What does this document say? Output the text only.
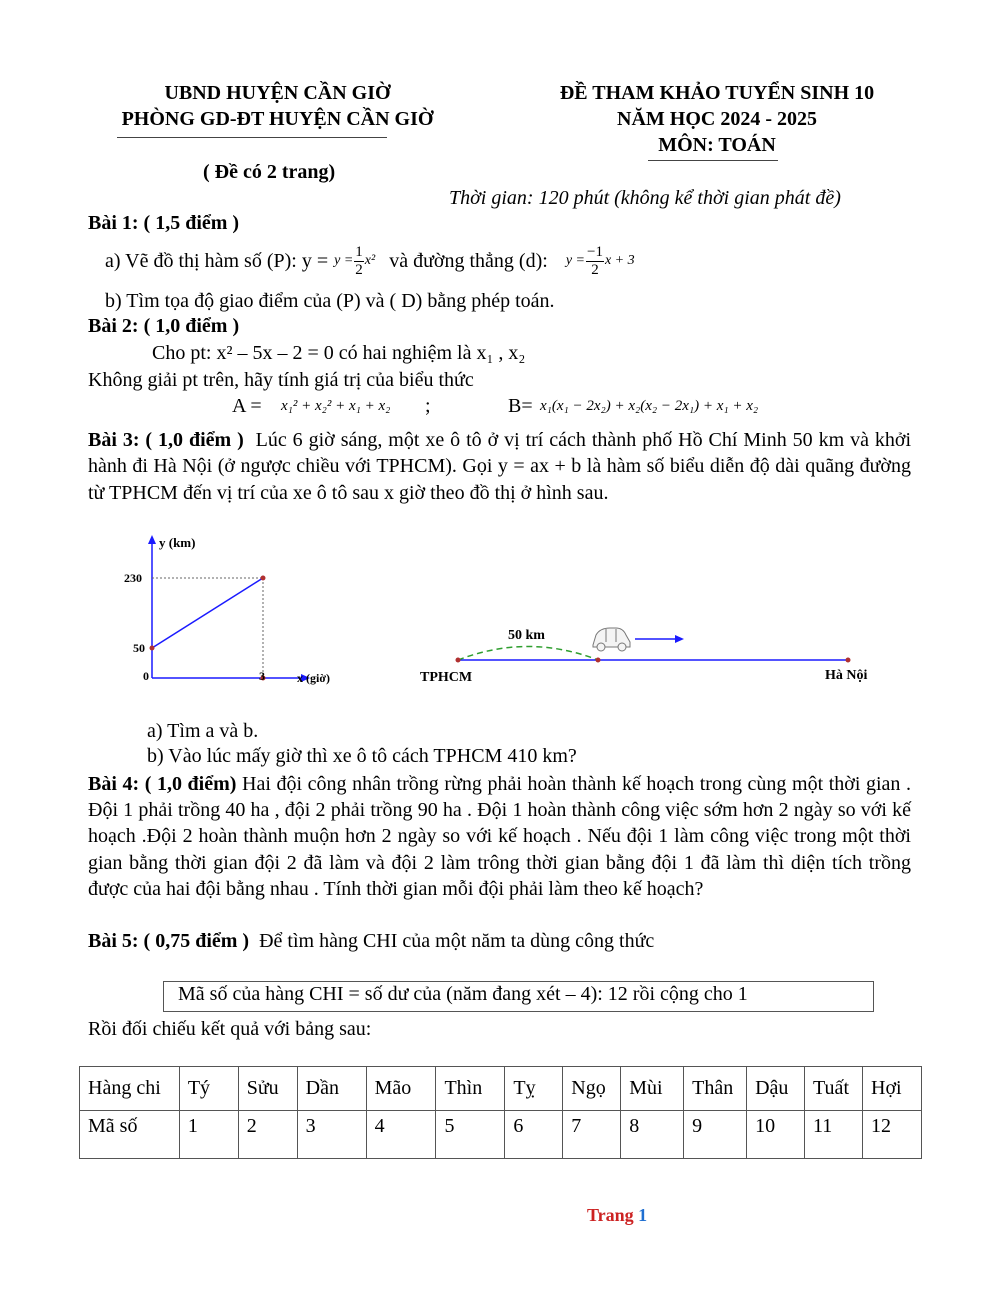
UBND HUYỆN CẦN GIỜ
PHÒNG GD-ĐT HUYỆN CẦN GIỜ
( Đề có 2 trang)
ĐỀ THAM KHẢO TUYỂN SINH 10
NĂM HỌC 2024 - 2025
MÔN: TOÁN
Thời gian: 120 phút (không kể thời gian phát đề)
Bài 1: ( 1,5 điểm )
a) Vẽ đồ thị hàm số (P): $y = y = \frac{1}{2} x^2$ và đường thẳng (d): $y = \frac{-1}{2}$ x + 3
b) Tìm tọa độ giao điểm của (P) và ( D) bằng phép toán.
Bài 2: ( 1,0 điểm )
Cho pt: x² – 5x – 2 = 0 có hai nghiệm là x₁ , x₂
Không giải pt trên, hãy tính giá trị của biểu thức
A = x₁² + x₂² + x₁ + x₂ ;	B= x₁(x₁ − 2x₂) + x₂(x₂ − 2x₁) + x₁ + x₂
Bài 3: ( 1,0 điểm ) Lúc 6 giờ sáng, một xe ô tô ở vị trí cách thành phố Hồ Chí Minh 50 km và khởi hành đi Hà Nội (ở ngược chiều với TPHCM). Gọi y = ax + b là hàm số biểu diễn độ dài quãng đường từ TPHCM đến vị trí của xe ô tô sau x giờ theo đồ thị ở hình sau.
y (km)
230
50
0	3	x (giờ)
50 km
TPHCM	Hà Nội
a) Tìm a và b.
b) Vào lúc mấy giờ thì xe ô tô cách TPHCM 410 km?
Bài 4: ( 1,0 điểm) Hai đội công nhân trồng rừng phải hoàn thành kế hoạch trong cùng một thời gian . Đội 1 phải trồng 40 ha , đội 2 phải trồng 90 ha . Đội 1 hoàn thành công việc sớm hơn 2 ngày so với kế hoạch .Đội 2 hoàn thành muộn hơn 2 ngày so với kế hoạch . Nếu đội 1 làm công việc trong một thời gian bằng thời gian đội 2 đã làm và đội 2 làm trông thời gian bằng đội 1 đã làm thì diện tích trồng được của hai đội bằng nhau . Tính thời gian mỗi đội phải làm theo kế hoạch?
Bài 5: ( 0,75 điểm ) Để tìm hàng CHI của một năm ta dùng công thức
Mã số của hàng CHI = số dư của (năm đang xét – 4): 12 rồi cộng cho 1
Rồi đối chiếu kết quả với bảng sau:
Hàng chi	Tý	Sửu	Dần	Mão	Thìn	Tỵ	Ngọ	Mùi	Thân	Dậu	Tuất	Hợi
Mã số	1	2	3	4	5	6	7	8	9	10	11	12
Trang 1
